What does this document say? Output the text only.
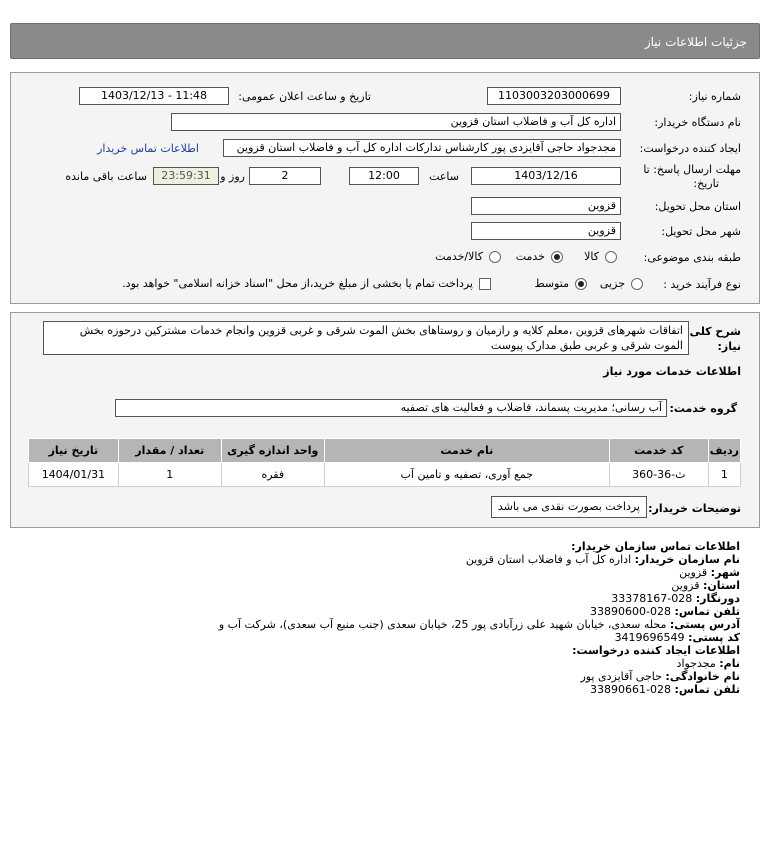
جزئیات اطلاعات نیاز
شماره نیاز:
1103003203000699
تاریخ و ساعت اعلان عمومی:
1403/12/13 - 11:48
نام دستگاه خریدار:
اداره کل آب و فاضلاب استان قزوین
ایجاد کننده درخواست:
مجدجواد حاجی آقایزدی پور کارشناس تدارکات اداره کل آب و فاضلاب استان قزوین
اطلاعات تماس خریدار
مهلت ارسال پاسخ: تا
تاریخ:
1403/12/16
ساعت
12:00
2
روز و
23:59:31
ساعت باقی مانده
استان محل تحویل:
قزوین
شهر محل تحویل:
قزوین
طبقه بندی موضوعی:
کالا
خدمت
کالا/خدمت
نوع فرآیند خرید :
جزیی
متوسط
پرداخت تمام یا بخشی از مبلغ خرید،از محل "اسناد خزانه اسلامی" خواهد بود.
شرح کلی
نیاز:
اتفاقات شهرهای قزوین ،معلم کلایه و رازمیان و روستاهای بخش الموت شرقی و غربی قزوین وانجام خدمات مشترکین درحوزه بخش الموت شرقی و غربی طبق مدارک پیوست
اطلاعات خدمات مورد نیاز
گروه خدمت:
آب رسانی؛ مدیریت پسماند، فاضلاب و فعالیت های تصفیه
ردیف	کد خدمت	نام خدمت	واحد اندازه گیری	تعداد / مقدار	تاریخ نیاز
1	ث-36-360	جمع آوری، تصفیه و تامین آب	فقره	1	1404/01/31
توضیحات خریدار:
پرداخت بصورت نقدی می باشد
اطلاعات تماس سازمان خریدار:
نام سازمان خریدار: اداره کل آب و فاضلاب استان قزوین
شهر: قزوین
استان: قزوین
دورنگار: 028-33378167
تلفن تماس: 028-33890600
آدرس پستی: محله سعدی، خیابان شهید علی زرآبادی پور 25، خیابان سعدی (جنب منبع آب سعدی)، شرکت آب و
کد پستی: 3419696549
اطلاعات ایجاد کننده درخواست:
نام: مجدجواد
نام خانوادگی: حاجی آقایزدی پور
تلفن تماس: 028-33890661
